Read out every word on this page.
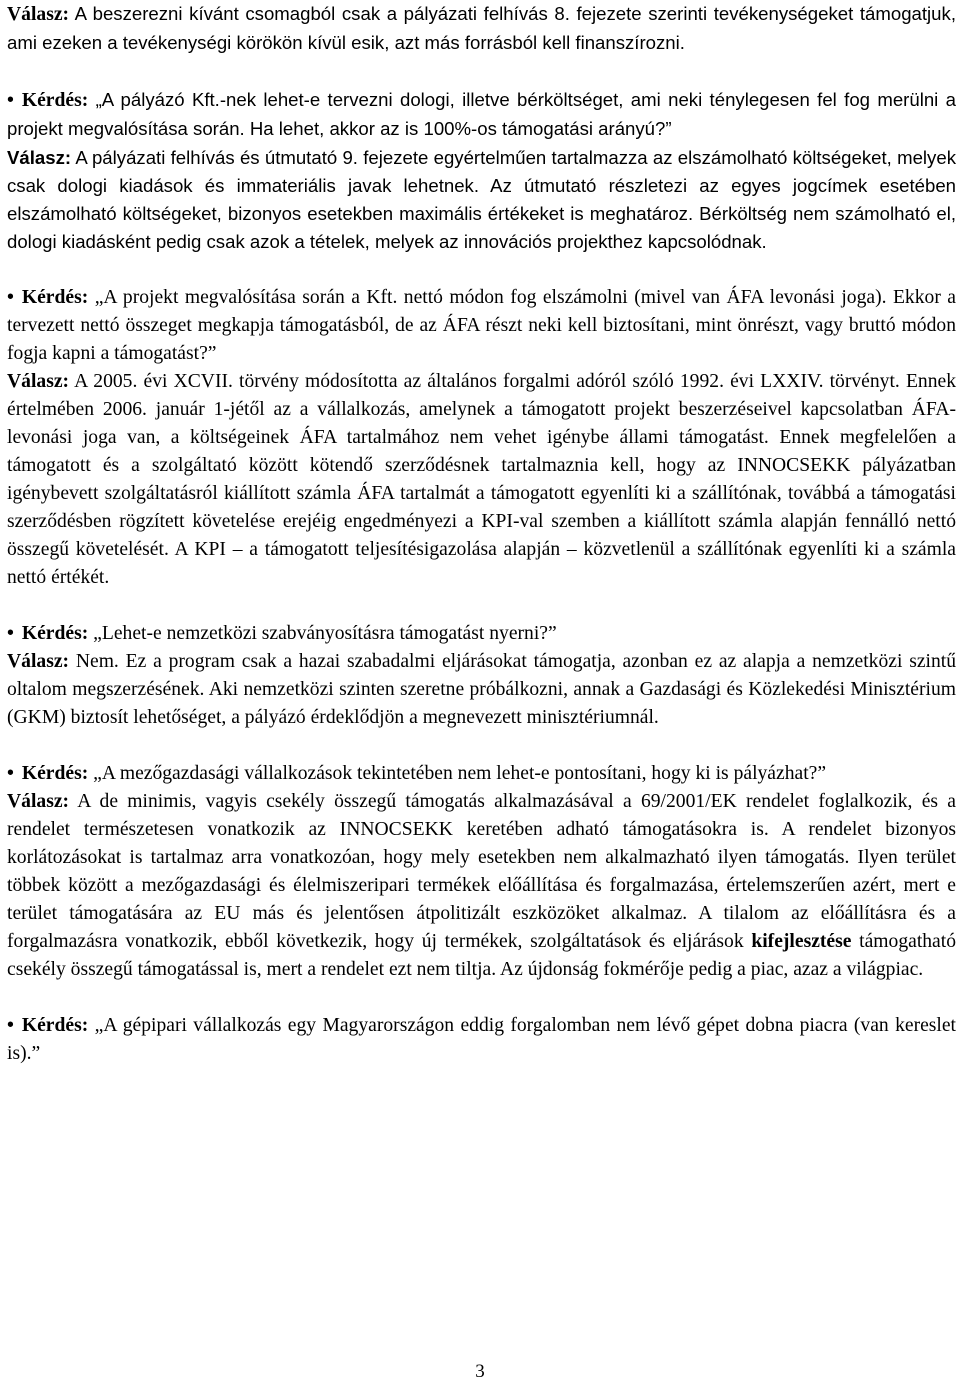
Válasz: A beszerezni kívánt csomagból csak a pályázati felhívás 8. fejezete szerinti tevékenységeket támogatjuk, ami ezeken a tevékenységi körökön kívül esik, azt más forrásból kell finanszírozni.

• Kérdés: „A pályázó Kft.-nek lehet-e tervezni dologi, illetve bérköltséget, ami neki ténylegesen fel fog merülni a projekt megvalósítása során. Ha lehet, akkor az is 100%-os támogatási arányú?”

Válasz: A pályázati felhívás és útmutató 9. fejezete egyértelműen tartalmazza az elszámolható költségeket, melyek csak dologi kiadások és immateriális javak lehetnek. Az útmutató részletezi az egyes jogcímek esetében elszámolható költségeket, bizonyos esetekben maximális értékeket is meghatároz. Bérköltség nem számolható el, dologi kiadásként pedig csak azok a tételek, melyek az innovációs projekthez kapcsolódnak.

• Kérdés: „A projekt megvalósítása során a Kft. nettó módon fog elszámolni (mivel van ÁFA levonási joga). Ekkor a tervezett nettó összeget megkapja támogatásból, de az ÁFA részt neki kell biztosítani, mint önrészt, vagy bruttó módon fogja kapni a támogatást?”

Válasz: A 2005. évi XCVII. törvény módosította az általános forgalmi adóról szóló 1992. évi LXXIV. törvényt. Ennek értelmében 2006. január 1-jétől az a vállalkozás, amelynek a támogatott projekt beszerzéseivel kapcsolatban ÁFA-levonási joga van, a költségeinek ÁFA tartalmához nem vehet igénybe állami támogatást. Ennek megfelelően a támogatott és a szolgáltató között kötendő szerződésnek tartalmaznia kell, hogy az INNOCSEKK pályázatban igénybevett szolgáltatásról kiállított számla ÁFA tartalmát a támogatott egyenlíti ki a szállítónak, továbbá a támogatási szerződésben rögzített követelése erejéig engedményezi a KPI-val szemben a kiállított számla alapján fennálló nettó összegű követelését. A KPI – a támogatott teljesítésigazolása alapján – közvetlenül a szállítónak egyenlíti ki a számla nettó értékét.

• Kérdés: „Lehet-e nemzetközi szabványosításra támogatást nyerni?”

Válasz: Nem. Ez a program csak a hazai szabadalmi eljárásokat támogatja, azonban ez az alapja a nemzetközi szintű oltalom megszerzésének. Aki nemzetközi szinten szeretne próbálkozni, annak a Gazdasági és Közlekedési Minisztérium (GKM) biztosít lehetőséget, a pályázó érdeklődjön a megnevezett minisztériumnál.

• Kérdés: „A mezőgazdasági vállalkozások tekintetében nem lehet-e pontosítani, hogy ki is pályázhat?”

Válasz: A de minimis, vagyis csekély összegű támogatás alkalmazásával a 69/2001/EK rendelet foglalkozik, és a rendelet természetesen vonatkozik az INNOCSEKK keretében adható támogatásokra is. A rendelet bizonyos korlátozásokat is tartalmaz arra vonatkozóan, hogy mely esetekben nem alkalmazható ilyen támogatás. Ilyen terület többek között a mezőgazdasági és élelmiszeripari termékek előállítása és forgalmazása, értelemszerűen azért, mert e terület támogatására az EU más és jelentősen átpolitizált eszközöket alkalmaz. A tilalom az előállításra és a forgalmazásra vonatkozik, ebből következik, hogy új termékek, szolgáltatások és eljárások kifejlesztése támogatható csekély összegű támogatással is, mert a rendelet ezt nem tiltja. Az újdonság fokmérője pedig a piac, azaz a világpiac.

• Kérdés: „A gépipari vállalkozás egy Magyarországon eddig forgalomban nem lévő gépet dobna piacra (van kereslet is).”

3
